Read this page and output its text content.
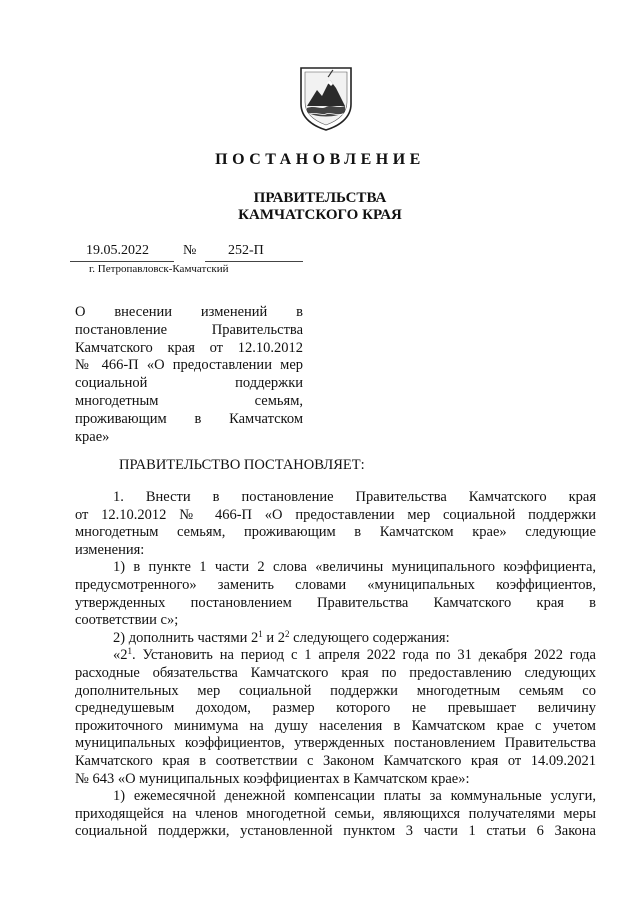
ПОСТАНОВЛЕНИЕ
ПРАВИТЕЛЬСТВА
КАМЧАТСКОГО КРАЯ
19.05.2022 № 252-П
г. Петропавловск-Камчатский
О внесении изменений в
постановление Правительства
Камчатского края от 12.10.2012
№ 466-П «О предоставлении мер
социальной поддержки
многодетным семьям,
проживающим в Камчатском
крае»
ПРАВИТЕЛЬСТВО ПОСТАНОВЛЯЕТ:
1. Внести в постановление Правительства Камчатского края
от 12.10.2012 № 466-П «О предоставлении мер социальной поддержки
многодетным семьям, проживающим в Камчатском крае» следующие
изменения:
1) в пункте 1 части 2 слова «величины муниципального коэффициента,
предусмотренного» заменить словами «муниципальных коэффициентов,
утвержденных постановлением Правительства Камчатского края в
соответствии с»;
2) дополнить частями $2^1$ и $2^2$ следующего содержания:
«$2^1$. Установить на период с 1 апреля 2022 года по 31 декабря 2022 года
расходные обязательства Камчатского края по предоставлению следующих
дополнительных мер социальной поддержки многодетным семьям со
среднедушевым доходом, размер которого не превышает величину
прожиточного минимума на душу населения в Камчатском крае с учетом
муниципальных коэффициентов, утвержденных постановлением Правительства
Камчатского края в соответствии с Законом Камчатского края от 14.09.2021
№ 643 «О муниципальных коэффициентах в Камчатском крае»:
1) ежемесячной денежной компенсации платы за коммунальные услуги,
приходящейся на членов многодетной семьи, являющихся получателями меры
социальной поддержки, установленной пунктом 3 части 1 статьи 6 Закона
